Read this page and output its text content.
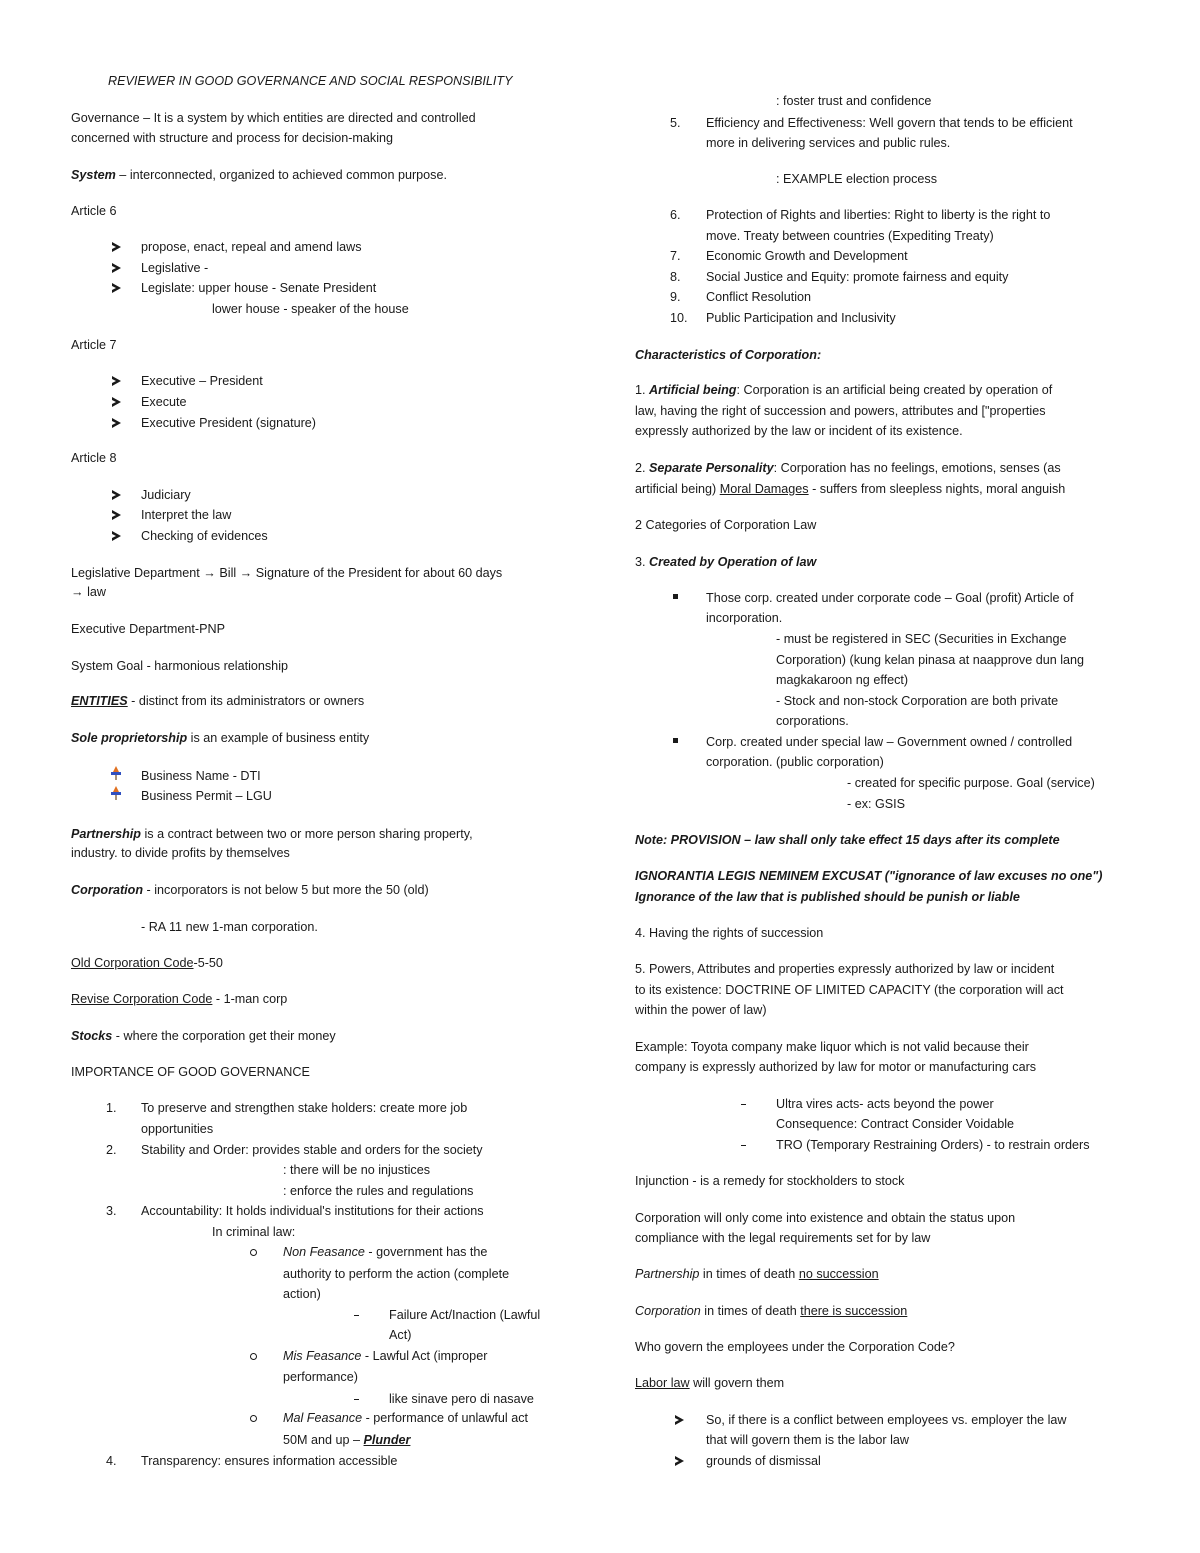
REVIEWER IN GOOD GOVERNANCE AND SOCIAL RESPONSIBILITY
Governance – It is a system by which entities are directed and controlled
concerned with structure and process for decision-making
System – interconnected, organized to achieved common purpose.
Article 6
propose, enact, repeal and amend laws
Legislative -
Legislate: upper house - Senate President
lower house - speaker of the house
Article 7
Executive – President
Execute
Executive President (signature)
Article 8
Judiciary
Interpret the law
Checking of evidences
Legislative Department → Bill → Signature of the President for about 60 days
→ law
Executive Department-PNP
System Goal - harmonious relationship
ENTITIES - distinct from its administrators or owners
Sole proprietorship is an example of business entity
Business Name - DTI
Business Permit – LGU
Partnership is a contract between two or more person sharing property,
industry. to divide profits by themselves
Corporation - incorporators is not below 5 but more the 50 (old)
- RA 11 new 1-man corporation.
Old Corporation Code-5-50
Revise Corporation Code - 1-man corp
Stocks - where the corporation get their money
IMPORTANCE OF GOOD GOVERNANCE
1. To preserve and strengthen stake holders: create more job
opportunities
2. Stability and Order: provides stable and orders for the society
: there will be no injustices
: enforce the rules and regulations
3. Accountability: It holds individual's institutions for their actions
In criminal law:
Non Feasance - government has the
authority to perform the action (complete
action)
Failure Act/Inaction (Lawful
Act)
Mis Feasance - Lawful Act (improper
performance)
like sinave pero di nasave
Mal Feasance - performance of unlawful act
50M and up – Plunder
4. Transparency: ensures information accessible
: foster trust and confidence
5. Efficiency and Effectiveness: Well govern that tends to be efficient
more in delivering services and public rules.
: EXAMPLE election process
6. Protection of Rights and liberties: Right to liberty is the right to
move. Treaty between countries (Expediting Treaty)
7. Economic Growth and Development
8. Social Justice and Equity: promote fairness and equity
9. Conflict Resolution
10. Public Participation and Inclusivity
Characteristics of Corporation:
1. Artificial being: Corporation is an artificial being created by operation of
law, having the right of succession and powers, attributes and ["properties
expressly authorized by the law or incident of its existence.
2. Separate Personality: Corporation has no feelings, emotions, senses (as
artificial being) Moral Damages - suffers from sleepless nights, moral anguish
2 Categories of Corporation Law
3. Created by Operation of law
Those corp. created under corporate code – Goal (profit) Article of
incorporation.
- must be registered in SEC (Securities in Exchange
Corporation) (kung kelan pinasa at naapprove dun lang
magkakaroon ng effect)
- Stock and non-stock Corporation are both private
corporations.
Corp. created under special law – Government owned / controlled
corporation. (public corporation)
- created for specific purpose. Goal (service)
- ex: GSIS
Note: PROVISION – law shall only take effect 15 days after its complete
IGNORANTIA LEGIS NEMINEM EXCUSAT ("ignorance of law excuses no one")
Ignorance of the law that is published should be punish or liable
4. Having the rights of succession
5. Powers, Attributes and properties expressly authorized by law or incident
to its existence: DOCTRINE OF LIMITED CAPACITY (the corporation will act
within the power of law)
Example: Toyota company make liquor which is not valid because their
company is expressly authorized by law for motor or manufacturing cars
Ultra vires acts- acts beyond the power
Consequence: Contract Consider Voidable
TRO (Temporary Restraining Orders) - to restrain orders
Injunction - is a remedy for stockholders to stock
Corporation will only come into existence and obtain the status upon
compliance with the legal requirements set for by law
Partnership in times of death no succession
Corporation in times of death there is succession
Who govern the employees under the Corporation Code?
Labor law will govern them
So, if there is a conflict between employees vs. employer the law
that will govern them is the labor law
grounds of dismissal
